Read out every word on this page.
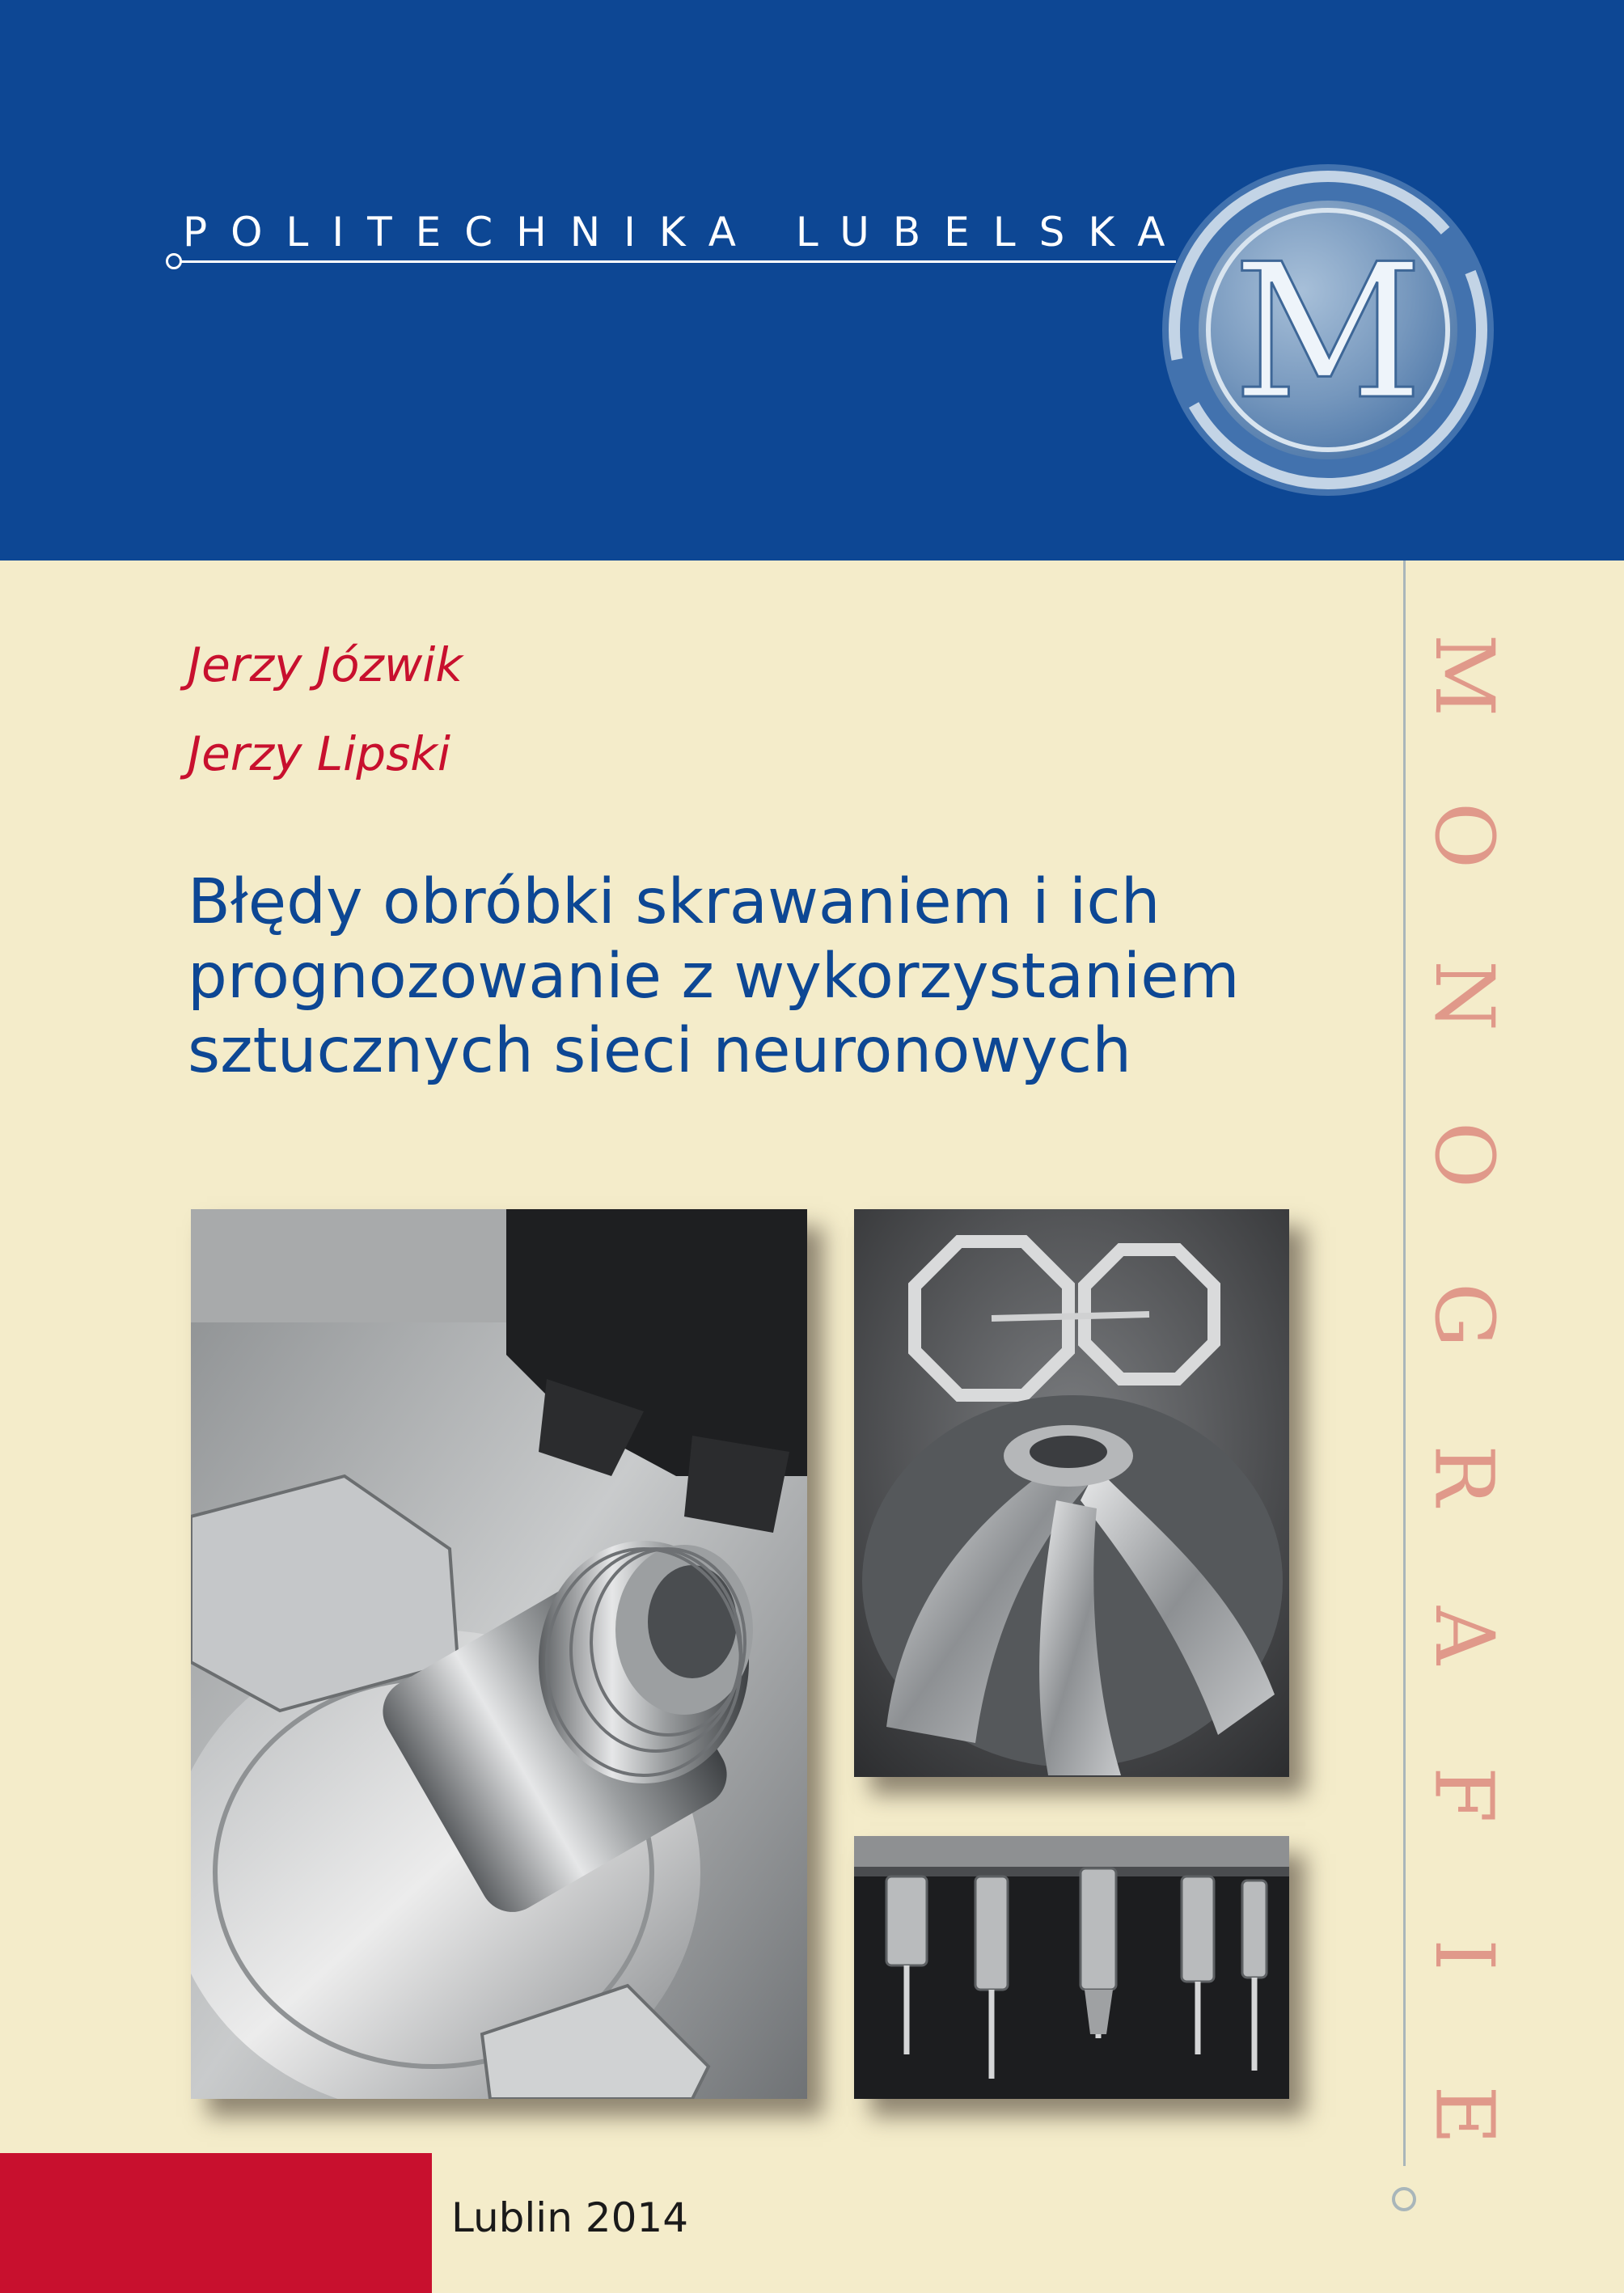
POLITECHNIKA LUBELSKA M
M
O
N
O
G
R
A
F
I
E
Jerzy Józwik
Jerzy Lipski
Błędy obróbki skrawaniem i ich
prognozowanie z wykorzystaniem
sztucznych sieci neuronowych
Lublin 2014
